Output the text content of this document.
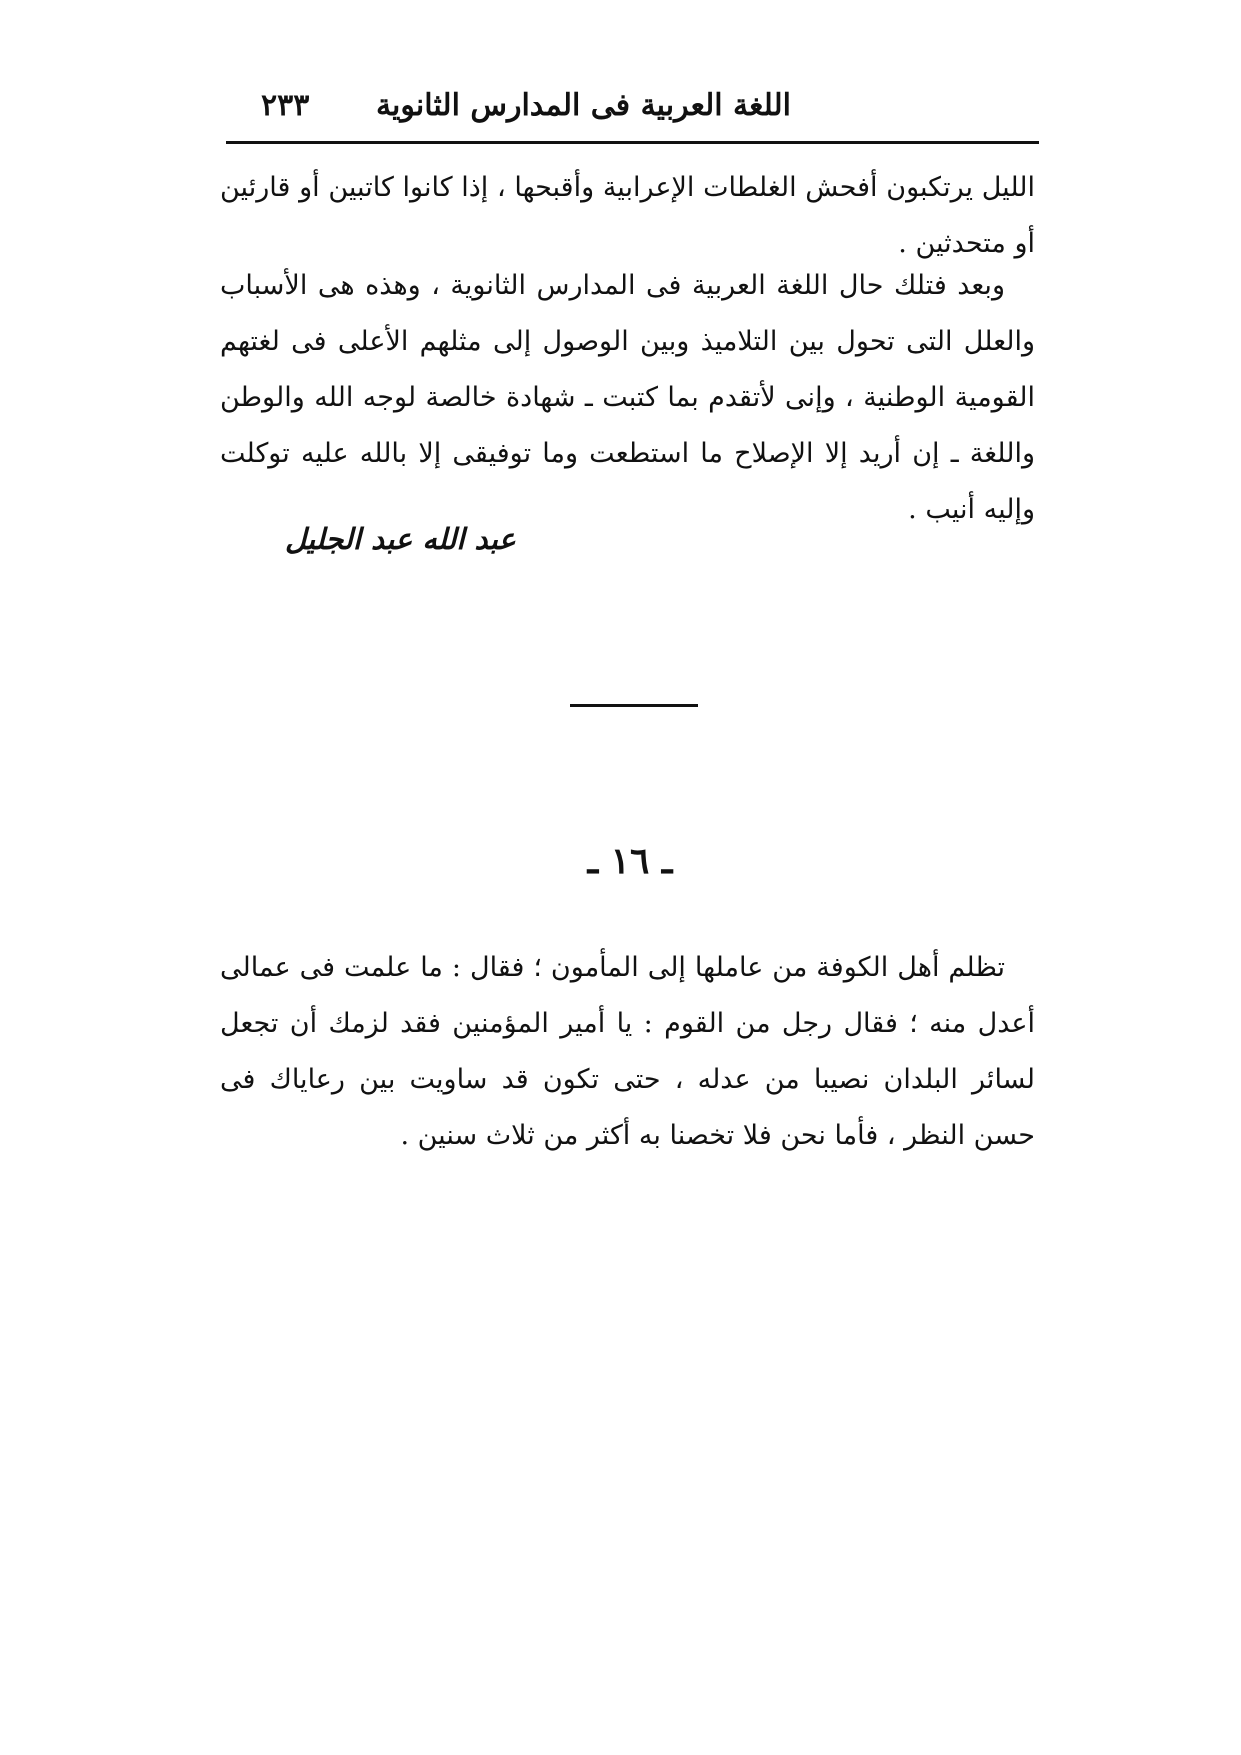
اللغة العربية فى المدارس الثانوية
٢٣٣

الليل يرتكبون أفحش الغلطات الإعرابية وأقبحها ، إذا كانوا كاتبين أو قارئين أو متحدثين .

وبعد فتلك حال اللغة العربية فى المدارس الثانوية ، وهذه هى الأسباب والعلل التى تحول بين التلاميذ وبين الوصول إلى مثلهم الأعلى فى لغتهم القومية الوطنية ، وإنى لأتقدم بما كتبت ـ شهادة خالصة لوجه الله والوطن واللغة ـ إن أريد إلا الإصلاح ما استطعت وما توفيقى إلا بالله عليه توكلت وإليه أنيب .

عبد الله عبد الجليل
ـ ١٦ ـ

تظلم أهل الكوفة من عاملها إلى المأمون ؛ فقال : ما علمت فى عمالى أعدل منه ؛ فقال رجل من القوم : يا أمير المؤمنين فقد لزمك أن تجعل لسائر البلدان نصيبا من عدله ، حتى تكون قد ساويت بين رعاياك فى حسن النظر ، فأما نحن فلا تخصنا به أكثر من ثلاث سنين .
